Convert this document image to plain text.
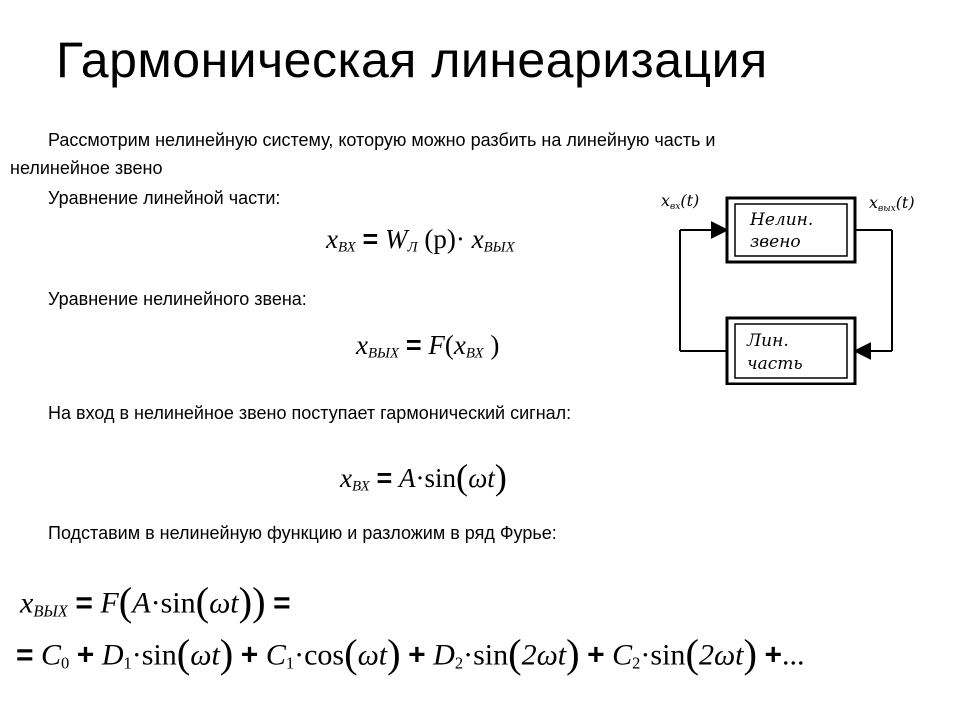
Гармоническая линеаризация
Рассмотрим нелинейную систему, которую можно разбить на линейную часть и
нелинейное звено
Уравнение линейной части:
$x_{ВХ} = W_Л$ $(p)\cdot x_{ВЫХ}$
Уравнение нелинейного звена:
$x_{ВЫХ} = F(x_{ВХ}$ )
На вход в нелинейное звено поступает гармонический сигнал:
$x_{ВХ} = A\cdot\sin(\omega t)$
Подставим в нелинейную функцию и разложим в ряд Фурье:
$x_{ВЫХ} = F(A\cdot\sin(\omega t))$ =
= $C_0 + D_1\cdot\sin(\omega t) + C_1\cdot\cos(\omega t) + D_2\cdot\sin(2\omega t) + C_2\cdot\sin(2\omega t)$ +...
xвх(t)	xвых(t)
Нелин.
звено
Лин.
часть
